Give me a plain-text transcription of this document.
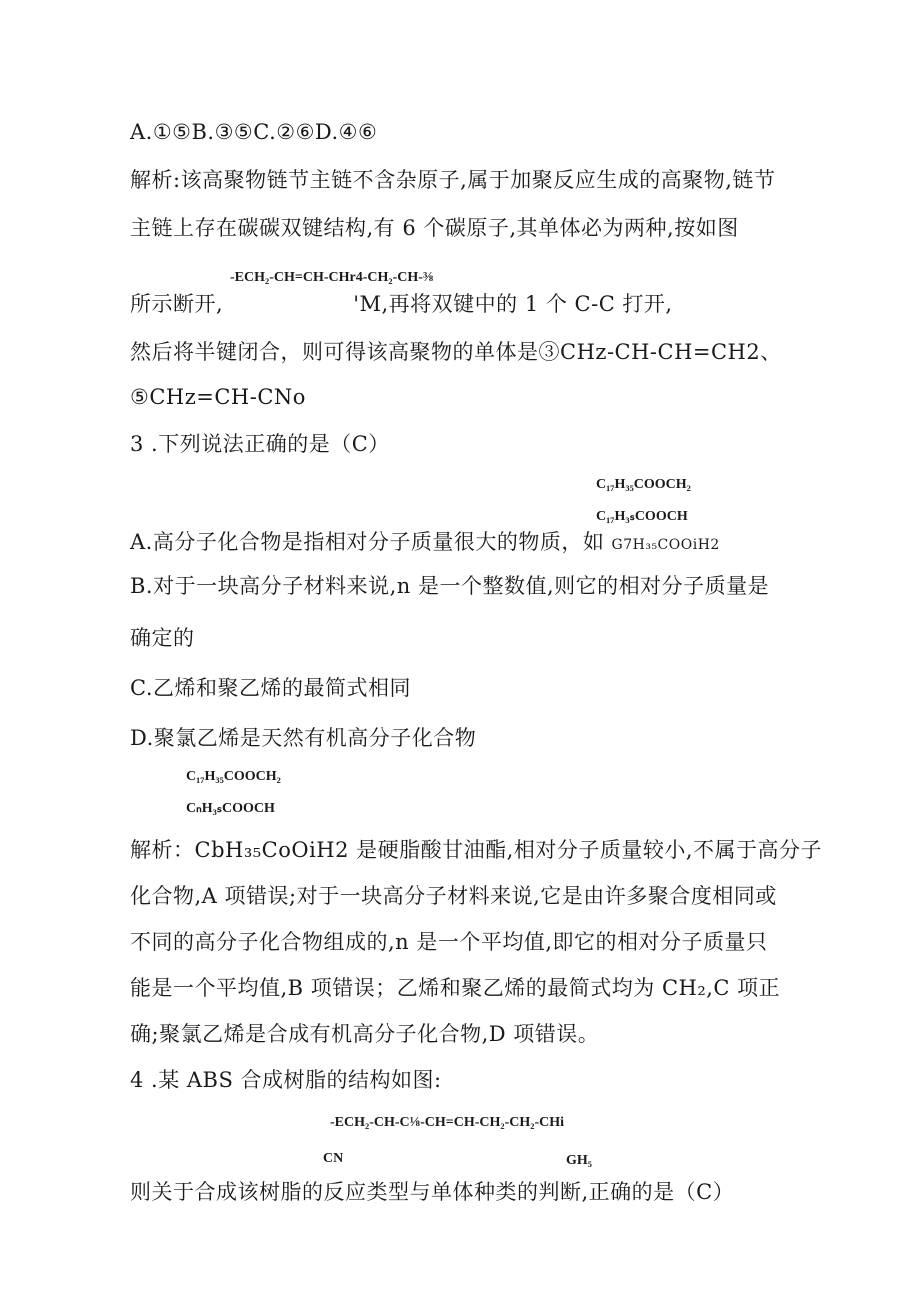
A.①⑤B.③⑤C.②⑥D.④⑥
解析:该高聚物链节主链不含杂原子,属于加聚反应生成的高聚物,链节
主链上存在碳碳双键结构,有 6 个碳原子,其单体必为两种,按如图
-ECH₂-CH=CH-CHr4-CH₂-CH-⅜
所示断开,	'M,再将双键中的 1 个 C-C 打开,
然后将半键闭合，则可得该高聚物的单体是③CHz-CH-CH=CH2、
⑤CHz=CH-CNo
3 .下列说法正确的是（C）
C₁₇H₃₅COOCH₂
C₁₇H₃ₛCOOCH
A.高分子化合物是指相对分子质量很大的物质，如 G7H₃₅COOiH2
B.对于一块高分子材料来说,n 是一个整数值,则它的相对分子质量是
确定的
C.乙烯和聚乙烯的最简式相同
D.聚氯乙烯是天然有机高分子化合物
C₁₇H₃₅COOCH₂
CₙH₃ₛCOOCH
解析：CbH₃₅CoOiH2 是硬脂酸甘油酯,相对分子质量较小,不属于高分子
化合物,A 项错误;对于一块高分子材料来说,它是由许多聚合度相同或
不同的高分子化合物组成的,n 是一个平均值,即它的相对分子质量只
能是一个平均值,B 项错误；乙烯和聚乙烯的最简式均为 CH₂,C 项正
确;聚氯乙烯是合成有机高分子化合物,D 项错误。
4 .某 ABS 合成树脂的结构如图:
-ECH₂-CH-C⅛-CH=CH-CH₂-CH₂-CHi
CN	GH₅
则关于合成该树脂的反应类型与单体种类的判断,正确的是（C）
